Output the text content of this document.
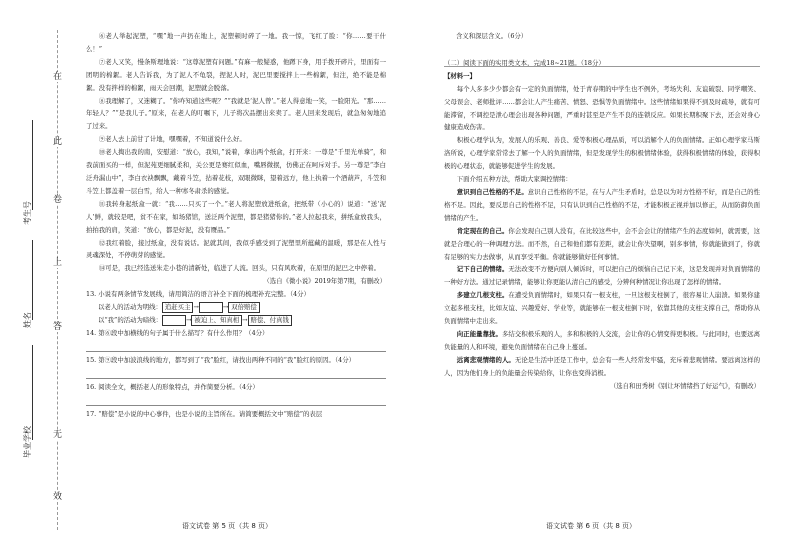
在
此
卷
上
答
无
效
考生号
姓名
毕业学校

⑥老人举起泥塑，“嘿”地一声扔在地上，泥塑顿时碎了一地。我一惊，飞红了脸：“你……要干什么！”

⑦老人又笑，慢条斯理地说：“这尊泥塑有问题。”有麻一般疑惑，他蹲下身，用手拨开碎片，里面有一团明的棉絮。老人告诉我，为了泥人不龟裂，捏泥人时，泥巴里要搅拌上一些棉絮，但注，绝不能是棉絮。没有拌样的棉絮，雨天会回潮，泥塑就会脱落。

⑧我理解了，又迷糊了。“你咋知道这些呢？”“我就是‘泥人曾’。”老人得意地一笑，一脸阳光。“那……年轻人？”“是我儿子。”原来，在老人的叮嘱下，儿子将次品摆出来卖了。老人回来发现后，就急匆匆地追了过来。

⑨老人去上前甘了计地，嘿嘿着，不知道说什么好。

⑩老人掏出我的南，安慰道：“放心，我知，”说着，拿出两个纸盒，打开来：一尊是“千里光单骑”，和我前面买的一样，但泥苑更细腻柔和，关公更是赛红似血，嘴唇微抿，仿佛正在呵斥对手。另一尊是“李白泛舟漏山中”，李白衣袂飘飘，戴着斗笠，拈着花枝，双眼微眯，望着远方，他上执着一个酒葫芦，斗笠和斗笠上都盖着一层白雪，给人一种寒冬肃杀的感觉。

⑪我转身起纸盒一就：“我……只买了一个。”老人将泥塑放进纸盒，把纸带（小心的）说道：“送‘泥人’鲜，就较是吧，贫不在家，如场猪馆，送泛两个泥塑，都是猪猪你的。”老人拉起我来，拼纸盒放我头，拍拍我的肩，笑道：“放心，都是好泥，没有赝品。”

⑫我红着脸，接过纸盒，没有说话。泥就其间，我似乎感受到了泥塑里所蕴藏的温暖，那是在人性与灵魂深处，不停萌芽的感觉。

⑭可是，我已经选送朱走小巷的清新处，临进了人流。回头，只有风吹着，在原里的泥巴之中停着。

（选自《微小说》2019年第7期，有删改）

13. 小说有两条情节发展线，请用简洁的语言补全下面的梳理补充完整。（4分）

以老人的活动为明线： 追赶买主 →	→ 双倍赔偿

以“我”的活动为暗线：	→ 被迫上、知真相 → 赔偿、付真钱

14. 第⑥段中加横线的句子属于什么描写？有什么作用？（4分）

15. 第⑨段中加波浪线的地方，都写到了“我”脸红，请找出两种不同的“我”脸红的原因。（4分）

16. 阅读全文，概括老人的形象特点，并作简要分析。（4分）

17. “赔偿”是小说的中心事件，也是小说的主旨所在。请简要概括文中“赔偿”的表层

语文试卷 第 5 页（共 8 页）

含义和深层含义。（6分）

（二）阅读下面的实用类文本，完成18~21题。（18分）

【材料一】

每个人多多少少都会有一定的负面情绪，处于青春期的中学生也不例外，考场失利、友谊破裂、同学嘲笑、父母误会、老师批评……都会让人产生痛苦、愤怒、恐惧等负面情绪中。这些情绪如果得不到及时疏导，就有可能滞留，不调控是泄心理会出现各种问题，严重时甚至是产生不良的连锁反应。如果长期积聚下去，还会对身心健康造成伤害。

积极心理学认为，发展人的乐观、善良、爱等积极心理品质，可以消解个人的负面情绪。正如心理学家马斯洛所说，心理学家常常去了解一个人的负面情绪，但是发现学生的积极情绪体验，获得积极情绪的体验，获得积极的心理状态，就能够促进学生的发展。

下面介绍五种方法，帮助大家调控情绪：

意识到自己性格的不足。意识自己性格的不足，在与人产生矛盾时，总是以为对方性格不好，而是自己的性格不足。因此，要反思自己的性格不足，只有认识到自己性格的不足，才能积极正视并加以修正，从而防御负面情绪的产生。

肯定现在的自己。你会发现自己别人没有，在比较这些中，会不会会让的情绪产生的态度如何，就需要，这就是合理心的一种调理方法。而不然，自己和他们都有差距，就会让你失望啊，别多事情，你就能做到了，你就有足够的实力去做事，从而享受平衡。你就能够做好任何事情。

记下自己的情绪。无法改变不方便向别人倾诉时，可以把自己的烦恼自己记下来，这是发现并对负面情绪的一种好方法。通过记录情绪，能够让你更能认清自己的感受，分辨何种情况让你出现了怎样的情绪。

多建立几根支柱。在遭受负面情绪时，如果只有一根支柱，一旦这根支柱倒了，很容易让人崩溃。如果你建立起多根支柱，比如友谊、兴趣爱好、学业等，就能够在一根支柱倒下时，依靠其他的支柱支撑自己，帮助你从负面情绪中走出来。

向正能量靠拢。多结交积极乐观的人，多和积极的人交流，会让你的心情变得更积极。与此同时，也要远离负能量的人和环境，避免负面情绪在自己身上蔓延。

远离悲观情绪的人。无论是生活中还是工作中，总会有一些人经常发牢骚，充斥着悲观情绪。要远离这样的人，因为他们身上的负能量会传染给你，让你也变得消极。

（选自和田秀树《别让坏情绪挡了好运气》，有删改）

语文试卷 第 6 页（共 8 页）
